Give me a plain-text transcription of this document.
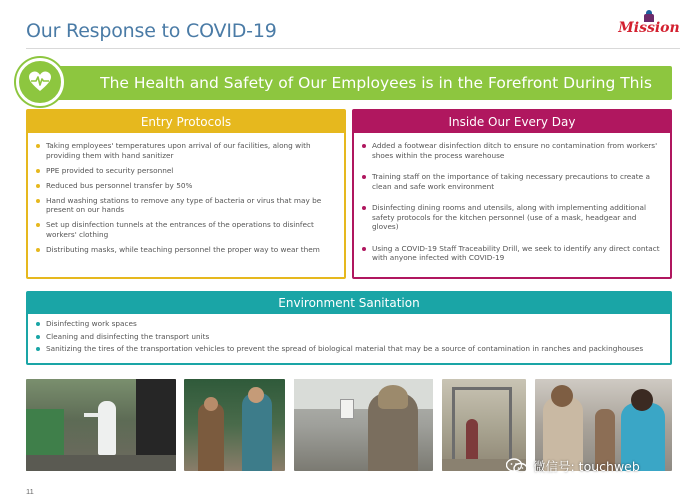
Our Response to COVID-19	Mission
The Health and Safety of Our Employees is in the Forefront During This
Entry Protocols
Taking employees' temperatures upon arrival of our facilities, along with providing them with hand sanitizer
PPE provided to security personnel
Reduced bus personnel transfer by 50%
Hand washing stations to remove any type of bacteria or virus that may be present on our hands
Set up disinfection tunnels at the entrances of the operations to disinfect workers' clothing
Distributing masks, while teaching personnel the proper way to wear them
Inside Our Every Day
Added a footwear disinfection ditch to ensure no contamination from workers' shoes within the process warehouse
Training staff on the importance of taking necessary precautions to create a clean and safe work environment
Disinfecting dining rooms and utensils, along with implementing additional safety protocols for the kitchen personnel (use of a mask, headgear and gloves)
Using a COVID-19 Staff Traceability Drill, we seek to identify any direct contact with anyone infected with COVID-19
Environment Sanitation
Disinfecting work spaces
Cleaning and disinfecting the transport units
Sanitizing the tires of the transportation vehicles to prevent the spread of biological material that may be a source of contamination in ranches and packinghouses
11
微信号: touchweb
